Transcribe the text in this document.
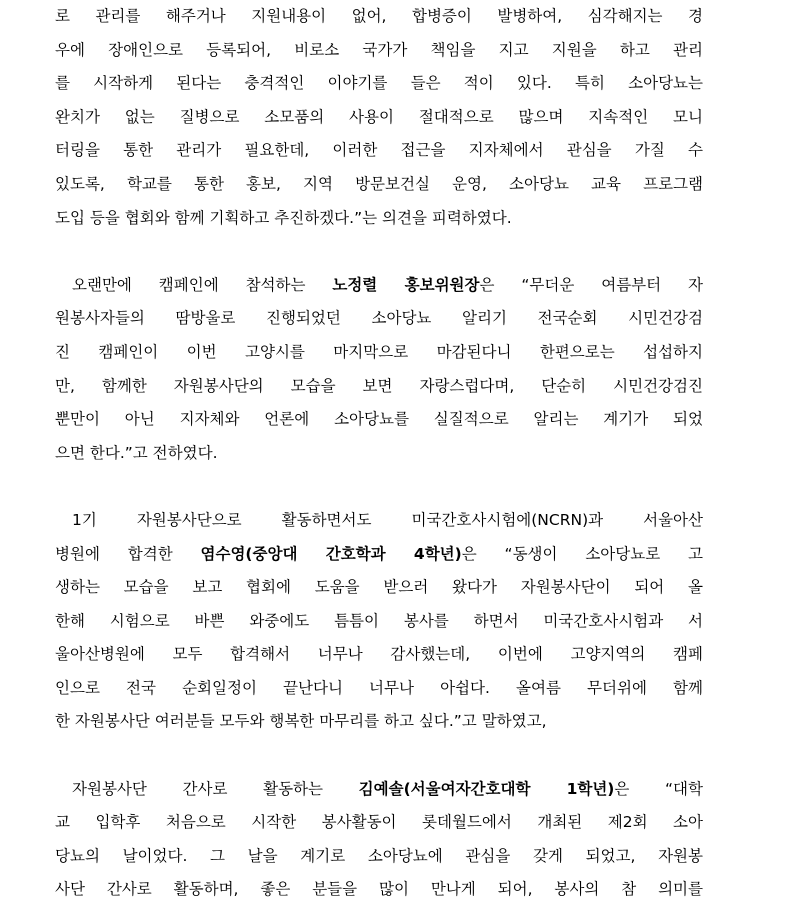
로 관리를 해주거나 지원내용이 없어, 합병증이 발병하여, 심각해지는 경
우에 장애인으로 등록되어, 비로소 국가가 책임을 지고 지원을 하고 관리
를 시작하게 된다는 충격적인 이야기를 들은 적이 있다. 특히 소아당뇨는
완치가 없는 질병으로 소모품의 사용이 절대적으로 많으며 지속적인 모니
터링을 통한 관리가 필요한데, 이러한 접근을 지자체에서 관심을 가질 수
있도록, 학교를 통한 홍보, 지역 방문보건실 운영, 소아당뇨 교육 프로그램
도입 등을 협회와 함께 기획하고 추진하겠다.”는 의견을 피력하였다.
오랜만에 캠페인에 참석하는 노정렬 홍보위원장은 “무더운 여름부터 자
원봉사자들의 땀방울로 진행되었던 소아당뇨 알리기 전국순회 시민건강검
진 캠페인이 이번 고양시를 마지막으로 마감된다니 한편으로는 섭섭하지
만, 함께한 자원봉사단의 모습을 보면 자랑스럽다며, 단순히 시민건강검진
뿐만이 아닌 지자체와 언론에 소아당뇨를 실질적으로 알리는 계기가 되었
으면 한다.”고 전하였다.
1기 자원봉사단으로 활동하면서도 미국간호사시험에(NCRN)과 서울아산
병원에 합격한 염수영(중앙대 간호학과 4학년)은 “동생이 소아당뇨로 고
생하는 모습을 보고 협회에 도움을 받으러 왔다가 자원봉사단이 되어 올
한해 시험으로 바쁜 와중에도 틈틈이 봉사를 하면서 미국간호사시험과 서
울아산병원에 모두 합격해서 너무나 감사했는데, 이번에 고양지역의 캠페
인으로 전국 순회일정이 끝난다니 너무나 아쉽다. 올여름 무더위에 함께
한 자원봉사단 여러분들 모두와 행복한 마무리를 하고 싶다.”고 말하였고,
자원봉사단 간사로 활동하는 김예솔(서울여자간호대학 1학년)은 “대학
교 입학후 처음으로 시작한 봉사활동이 롯데월드에서 개최된 제2회 소아
당뇨의 날이었다. 그 날을 계기로 소아당뇨에 관심을 갖게 되었고, 자원봉
사단 간사로 활동하며, 좋은 분들을 많이 만나게 되어, 봉사의 참 의미를
